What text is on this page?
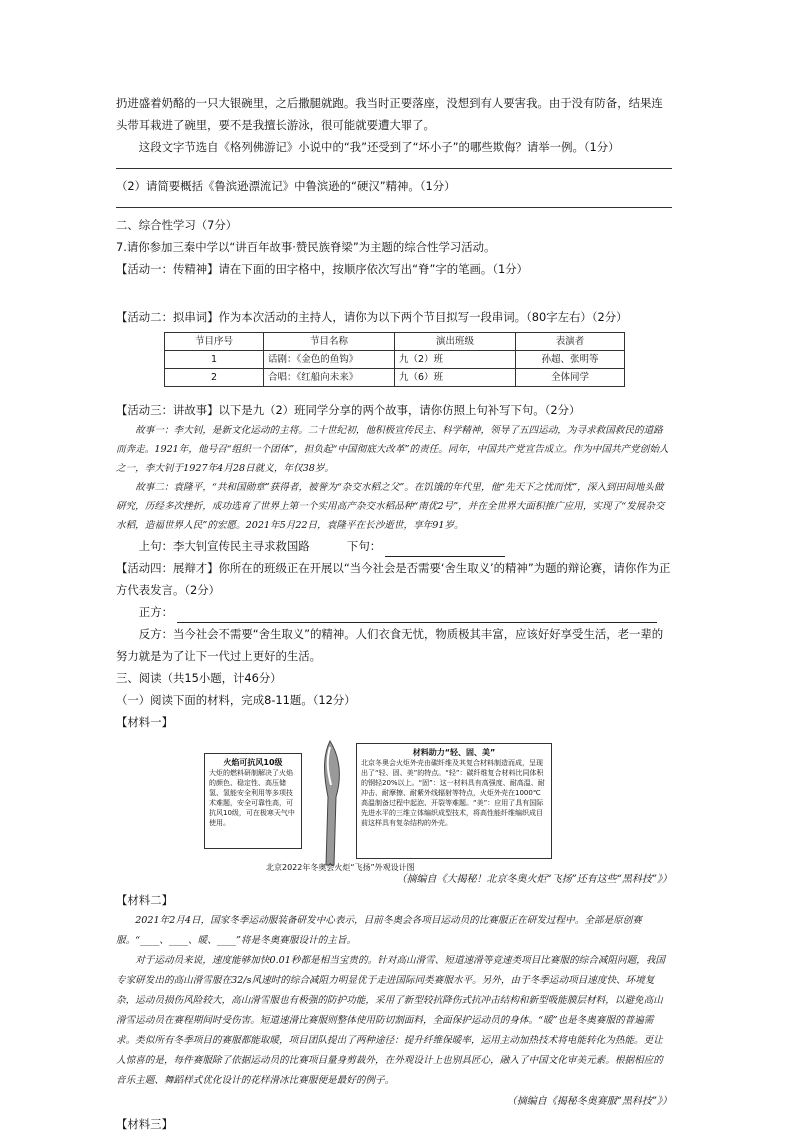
扔进盛着奶酪的一只大银碗里，之后撒腿就跑。我当时正要落座，没想到有人要害我。由于没有防备，结果连头带耳栽进了碗里，要不是我擅长游泳，很可能就要遭大罪了。

这段文字节选自《格列佛游记》小说中的“我”还受到了“坏小子”的哪些欺侮？请举一例。（1分）

（2）请简要概括《鲁滨逊漂流记》中鲁滨逊的“硬汉”精神。（1分）

二、综合性学习（7分）

7.请你参加三秦中学以“讲百年故事·赞民族脊梁”为主题的综合性学习活动。

【活动一：传精神】请在下面的田字格中，按顺序依次写出“脊”字的笔画。（1分）

【活动二：拟串词】作为本次活动的主持人，请你为以下两个节目拟写一段串词。（80字左右）（2分）

节目序号	节目名称	演出班级	表演者
1	话剧：《金色的鱼钩》	九（2）班	孙超、张明等
2	合唱：《红船向未来》	九（6）班	全体同学

【活动三：讲故事】以下是九（2）班同学分享的两个故事，请你仿照上句补写下句。（2分）

故事一：李大钊，是新文化运动的主将。二十世纪初，他积极宣传民主、科学精神，领导了五四运动，为寻求救国救民的道路而奔走。1921年，他号召“组织一个团体”，担负起“中国彻底大改革”的责任。同年，中国共产党宣告成立。作为中国共产党创始人之一，李大钊于1927年4月28日就义，年仅38岁。

故事二：袁隆平，“共和国勋章”获得者，被誉为“杂交水稻之父”。在饥饿的年代里，他“先天下之忧而忧”，深入到田间地头做研究，历经多次挫折，成功选育了世界上第一个实用高产杂交水稻品种“南优2号”，并在全世界大面积推广应用，实现了“发展杂交水稻，造福世界人民”的宏愿。2021年5月22日，袁隆平在长沙逝世，享年91岁。

上句：李大钊宣传民主寻求救国路	下句：

【活动四：展辩才】你所在的班级正在开展以“当今社会是否需要‘舍生取义’的精神”为题的辩论赛，请你作为正方代表发言。（2分）

正方：

反方：当今社会不需要“舍生取义”的精神。人们衣食无忧，物质极其丰富，应该好好享受生活，老一辈的努力就是为了让下一代过上更好的生活。

三、阅读（共15小题，计46分）

（一）阅读下面的材料，完成8-11题。（12分）

【材料一】

火焰可抗风10级
大炬的燃料研制解决了火焰的颜色、稳定性、高压储氢、氢能安全利用等多项技术难题，安全可靠性高，可抗风10级，可在极寒天气中使用。
材料助力“轻、固、美”
北京冬奥会火炬外壳由碳纤维及其复合材料制造而成，呈现出了“轻、固、美”的特点。“轻”：碳纤维复合材料比同体积的钢轻20%以上。“固”：这一材料具有高强度、耐高温、耐冲击、耐摩擦、耐紫外线辐射等特点，火炬外壳在1000℃高温制备过程中起泡、开裂等难题。“美”：应用了具有国际先进水平的三维立体编织成型技术，将高性能纤维编织成目前这样具有复杂结构的外壳。
北京2022年冬奥会火炬“飞扬”外观设计图
（摘编自《大揭秘！北京冬奥火炬“飞扬”还有这些“黑科技”》）

【材料二】

2021年2月4日，国家冬季运动服装备研发中心表示，目前冬奥会各项目运动员的比赛服正在研发过程中。全部是原创赛服。“____、____、暖、____”将是冬奥赛服设计的主旨。

对于运动员来说，速度能够加快0.01秒都是相当宝贵的。针对高山滑雪、短道速滑等竞速类项目比赛服的综合减阻问题，我国专家研发出的高山滑雪服在32/s风速时的综合减阻力明显优于走进国际同类赛服水平。另外，由于冬季运动项目速度快、环境复杂，运动员损伤风险较大，高山滑雪服也有极强的防护功能，采用了新型较抗降伤式抗冲击结构和新型吸能膜层材料，以避免高山滑雪运动员在赛程期间时受伤害。短道速滑比赛服则整体使用防切割面料，全面保护运动员的身体。“暖”也是冬奥赛服的普遍需求。类似所有冬季项目的赛服都能取暖，项目团队提出了两种途径：提升纤维保暖率，运用主动加热技术将电能转化为热能。更让人惊喜的是，每件赛服除了依据运动员的比赛项目量身剪裁外，在外观设计上也别具匠心，融入了中国文化审美元素。根据相应的音乐主题、舞蹈样式优化设计的花样滑冰比赛服便是最好的例子。

（摘编自《揭秘冬奥赛服“黑科技”》）

【材料三】
